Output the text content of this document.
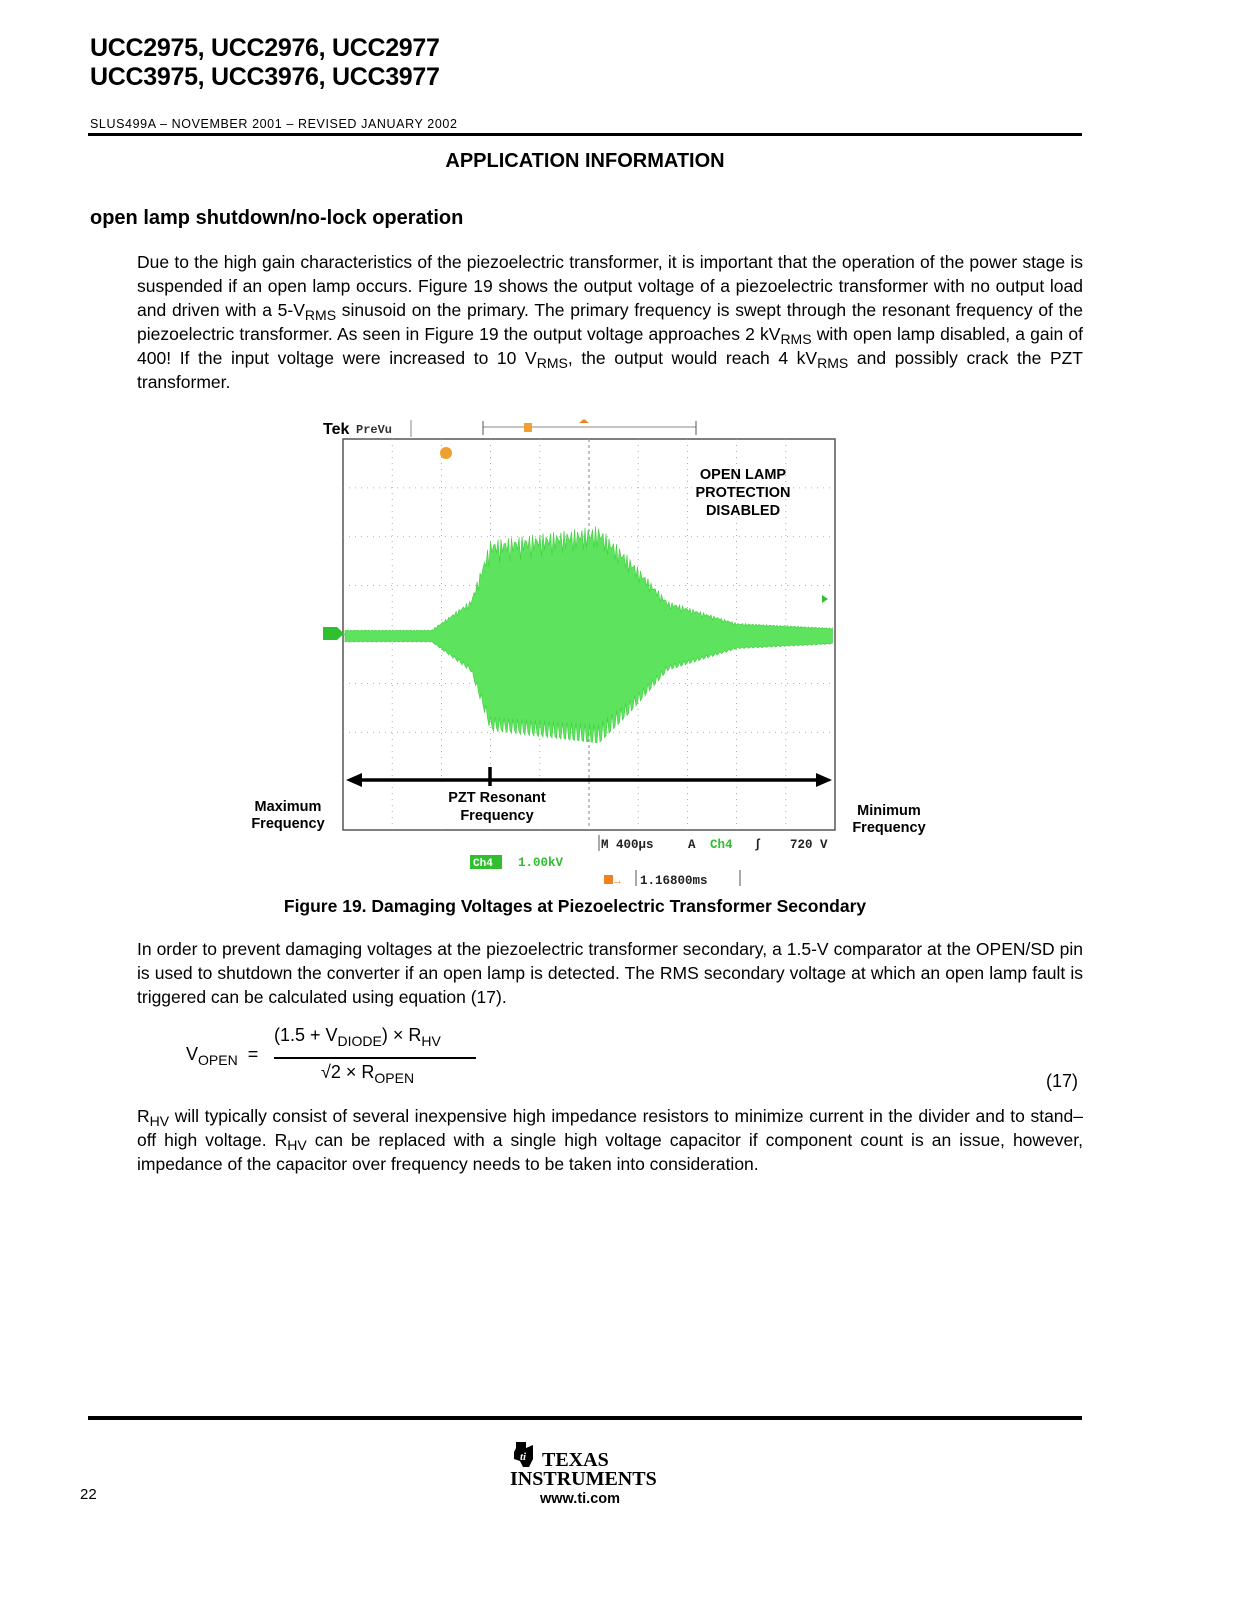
UCC2975, UCC2976, UCC2977
UCC3975, UCC3976, UCC3977
SLUS499A – NOVEMBER 2001 – REVISED JANUARY 2002
APPLICATION INFORMATION
open lamp shutdown/no-lock operation
Due to the high gain characteristics of the piezoelectric transformer, it is important that the operation of the power stage is suspended if an open lamp occurs. Figure 19 shows the output voltage of a piezoelectric transformer with no output load and driven with a $5-V_{RMS}$ sinusoid on the primary. The primary frequency is swept through the resonant frequency of the piezoelectric transformer. As seen in Figure 19 the output voltage approaches 2 $kV_{RMS}$ with open lamp disabled, a gain of 400! If the input voltage were increased to 10 $V_{RMS}$, the output would reach 4 $kV_{RMS}$ and possibly crack the PZT transformer.
Tek PreVu
OPEN LAMP
PROTECTION
DISABLED
PZT Resonant
Frequency
M 400µs	A Ch4 ʃ 720 V
Ch4 1.00kV
→ 1.16800ms
Maximum
Frequency
Minimum
Frequency
Figure 19. Damaging Voltages at Piezoelectric Transformer Secondary
In order to prevent damaging voltages at the piezoelectric transformer secondary, a 1.5-V comparator at the OPEN/SD pin is used to shutdown the converter if an open lamp is detected. The RMS secondary voltage at which an open lamp fault is triggered can be calculated using equation (17).
$V_{OPEN}$ =
$(1.5 + V_{DIODE}) \times R_{HV}$
$√2 \times R_{OPEN}$	(17)
$R_{HV}$ will typically consist of several inexpensive high impedance resistors to minimize current in the divider and to stand–off high voltage. $R_{HV}$ can be replaced with a single high voltage capacitor if component count is an issue, however, impedance of the capacitor over frequency needs to be taken into consideration.
22
ti TEXAS
INSTRUMENTS
www.ti.com
